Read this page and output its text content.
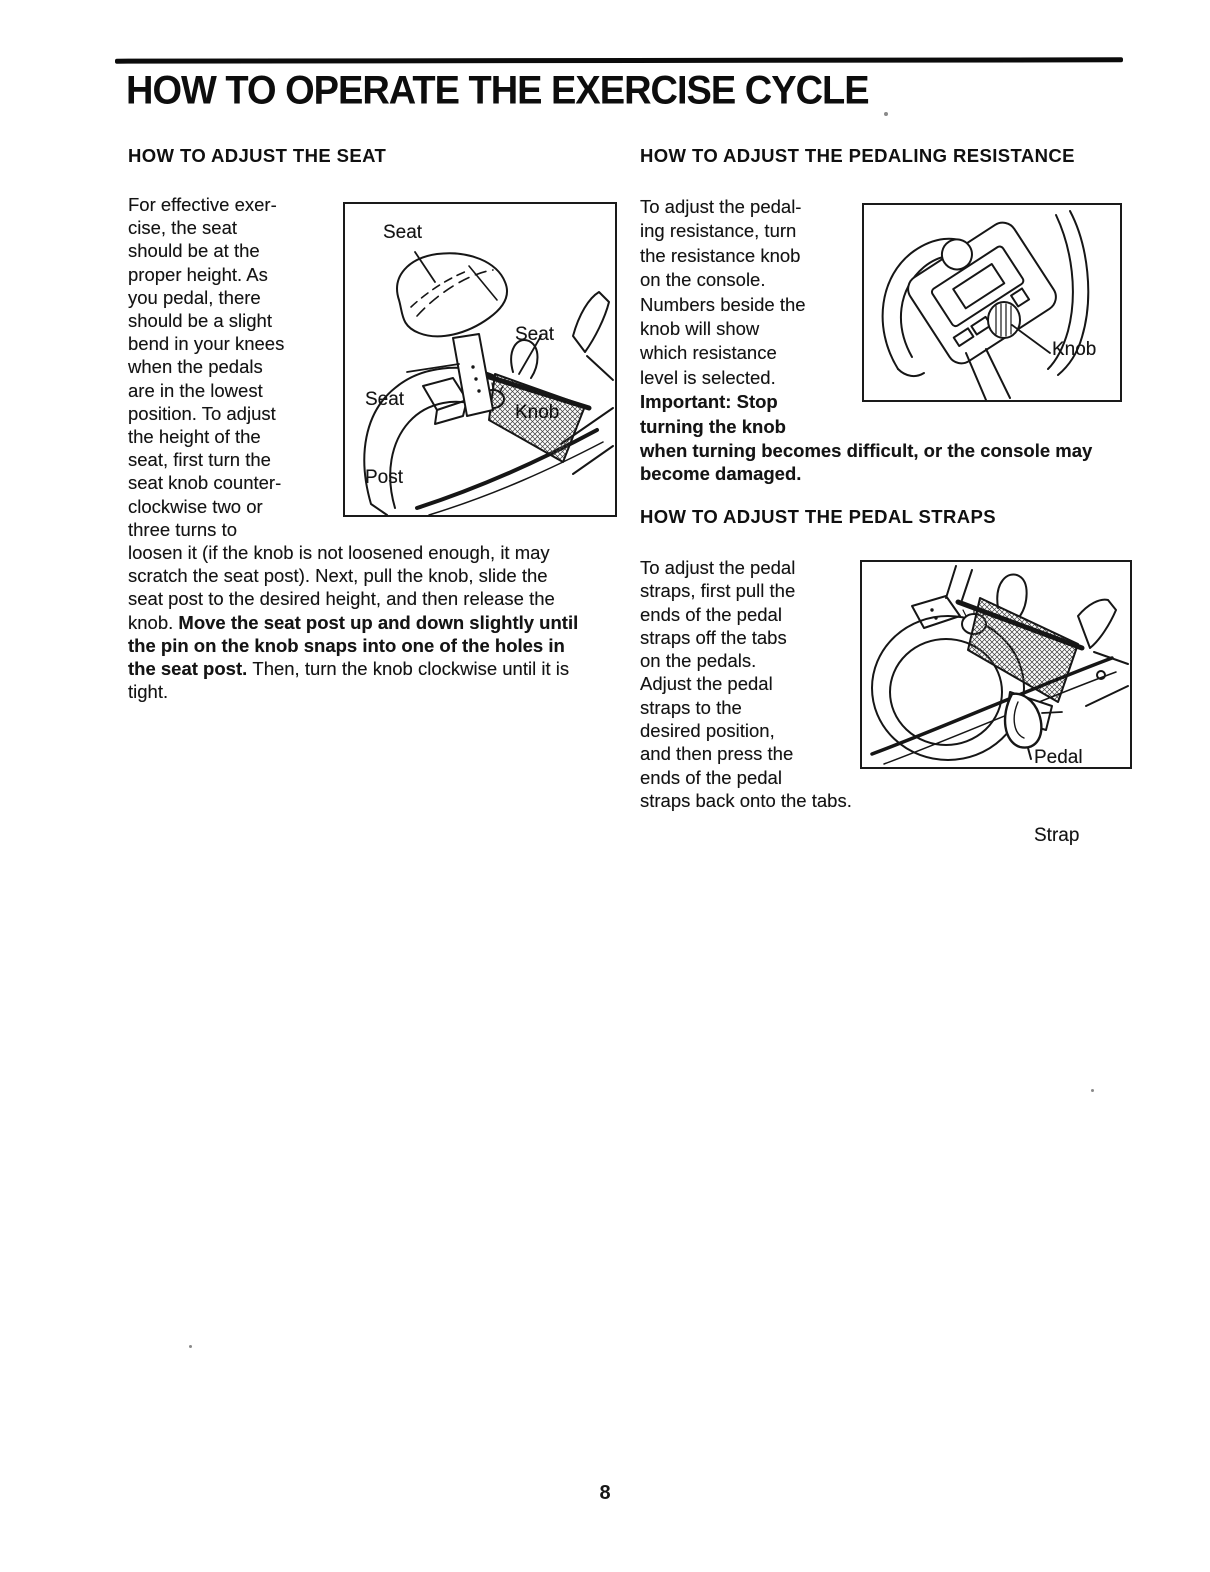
HOW TO OPERATE THE EXERCISE CYCLE
HOW TO ADJUST THE SEAT	HOW TO ADJUST THE PEDALING RESISTANCE
For effective exer-
cise, the seat
should be at the
proper height. As
you pedal, there
should be a slight
bend in your knees
when the pedals
are in the lowest
position. To adjust
the height of the
seat, first turn the
seat knob counter-
clockwise two or
three turns to
loosen it (if the knob is not loosened enough, it may
scratch the seat post). Next, pull the knob, slide the
seat post to the desired height, and then release the
knob. Move the seat post up and down slightly until
the pin on the knob snaps into one of the holes in
the seat post. Then, turn the knob clockwise until it is
tight.
Seat

Seat

Knob

Seat

Post

To adjust the pedal-
ing resistance, turn
the resistance knob
on the console.
Numbers beside the
knob will show
which resistance
level is selected.
Important: Stop
turning the knob
when turning becomes difficult, or the console may
become damaged.
Knob
HOW TO ADJUST THE PEDAL STRAPS
To adjust the pedal
straps, first pull the
ends of the pedal
straps off the tabs
on the pedals.
Adjust the pedal
straps to the
desired position,
and then press the
ends of the pedal
straps back onto the tabs.

Pedal

Strap

8
